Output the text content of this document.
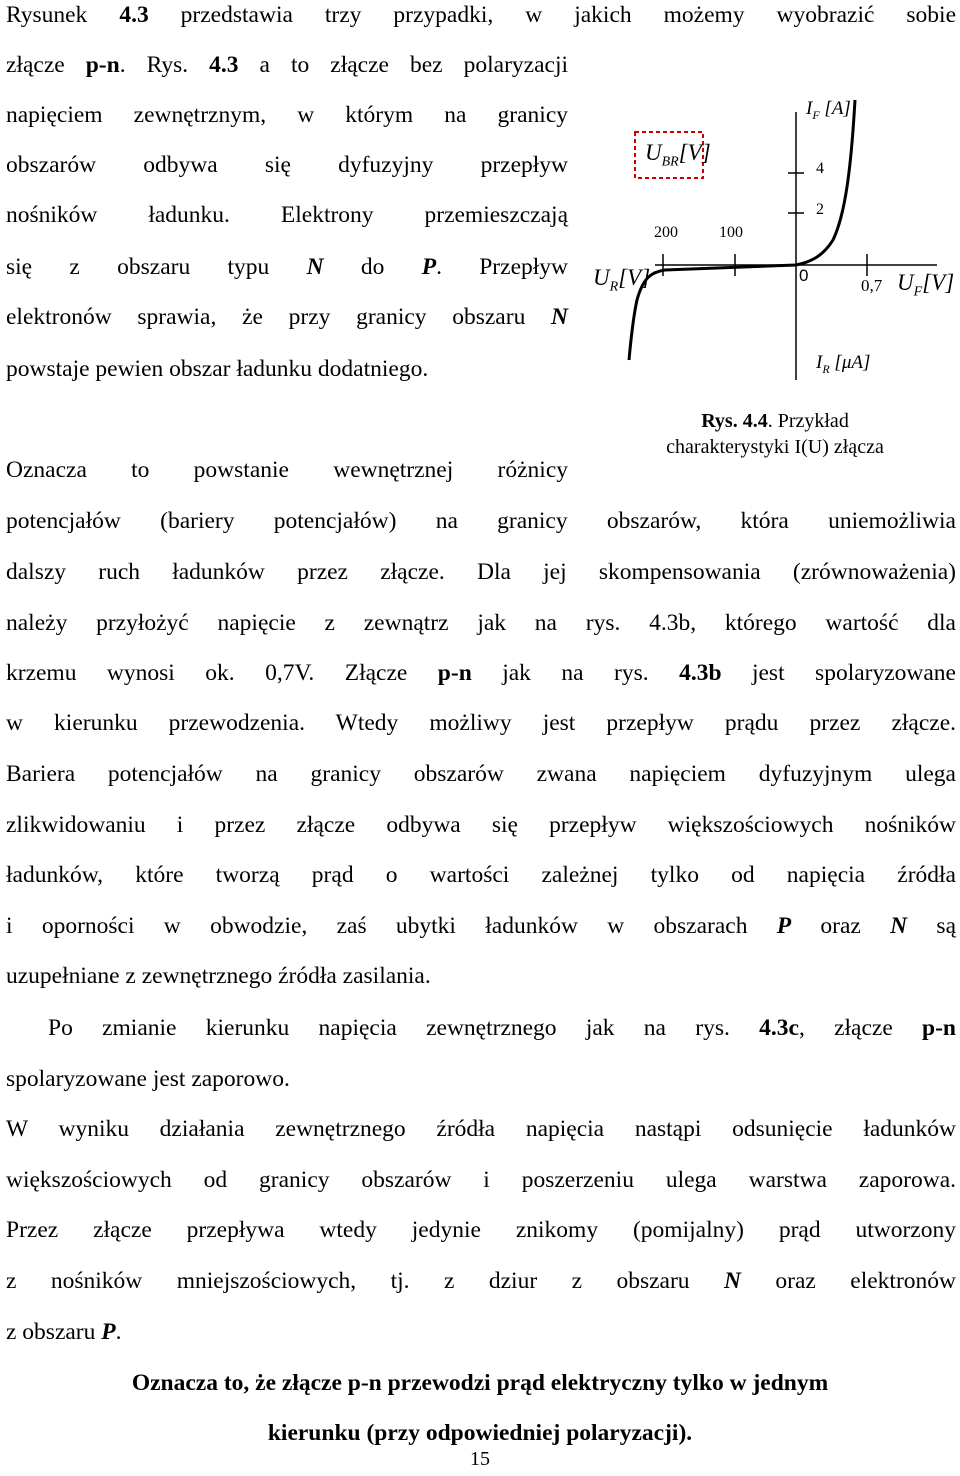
Rysunek 4.3 przedstawia trzy przypadki, w jakich możemy wyobrazić sobie

złącze p-n. Rys. 4.3 a to złącze bez polaryzacji

napięciem zewnętrznym, w którym na granicy

obszarów odbywa się dyfuzyjny przepływ

nośników ładunku. Elektrony przemieszczają

się z obszaru typu N do P. Przepływ

elektronów sprawia, że przy granicy obszaru N

powstaje pewien obszar ładunku dodatniego.

Oznacza to powstanie wewnętrznej różnicy

$I_F$ [A]
$U_{BR}[V]$
4
2
200	100
$U_R[V]$	0
0,7 $U_F[V]$
$I_R$ [μA]
Rys. 4.4. Przykład
charakterystyki I(U) złącza

potencjałów (bariery potencjałów) na granicy obszarów, która uniemożliwia

dalszy ruch ładunków przez złącze. Dla jej skompensowania (zrównoważenia)

należy przyłożyć napięcie z zewnątrz jak na rys. 4.3b, którego wartość dla

krzemu wynosi ok. 0,7V. Złącze p-n jak na rys. 4.3b jest spolaryzowane

w kierunku przewodzenia. Wtedy możliwy jest przepływ prądu przez złącze.

Bariera potencjałów na granicy obszarów zwana napięciem dyfuzyjnym ulega

zlikwidowaniu i przez złącze odbywa się przepływ większościowych nośników

ładunków, które tworzą prąd o wartości zależnej tylko od napięcia źródła

i oporności w obwodzie, zaś ubytki ładunków w obszarach P oraz N są

uzupełniane z zewnętrznego źródła zasilania.

Po zmianie kierunku napięcia zewnętrznego jak na rys. 4.3c, złącze p-n

spolaryzowane jest zaporowo.

W wyniku działania zewnętrznego źródła napięcia nastąpi odsunięcie ładunków

większościowych od granicy obszarów i poszerzeniu ulega warstwa zaporowa.

Przez złącze przepływa wtedy jedynie znikomy (pomijalny) prąd utworzony

z nośników mniejszościowych, tj. z dziur z obszaru N oraz elektronów

z obszaru P.

Oznacza to, że złącze p-n przewodzi prąd elektryczny tylko w jednym

kierunku (przy odpowiedniej polaryzacji).

15
